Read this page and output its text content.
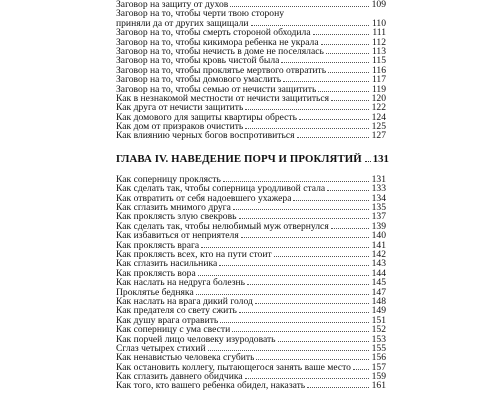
Заговор на защиту от духов	109
Заговор на то, чтобы черти твою сторону
приняли да от других защищали	110
Заговор на то, чтобы смерть стороной обходила	111
Заговор на то, чтобы кикимора ребенка не украла	112
Заговор на то, чтобы нечисть в доме не поселялась	113
Заговор на то, чтобы кровь чистой была	115
Заговор на то, чтобы проклятье мертвого отвратить	116
Заговор на то, чтобы домового умаслить	117
Заговор на то, чтобы семью от нечисти защитить	119
Как в незнакомой местности от нечисти защититься	120
Как друга от нечисти защитить	122
Как домового для защиты квартиры обресть	124
Как дом от призраков очистить	125
Как влиянию черных богов воспротивиться	127
ГЛАВА IV. НАВЕДЕНИЕ ПОРЧ И ПРОКЛЯТИЙ 131
Как соперницу проклясть	131
Как сделать так, чтобы соперница уродливой стала	133
Как отвратить от себя надоевшего ухажера	134
Как сглазить мнимого друга	135
Как проклясть злую свекровь	137
Как сделать так, чтобы нелюбимый муж отвернулся	139
Как избавиться от неприятеля	140
Как проклясть врага	141
Как проклясть всех, кто на пути стоит	142
Как сглазить насильника	143
Как проклясть вора	144
Как наслать на недруга болезнь	145
Проклятье бедняка	147
Как наслать на врага дикий голод	148
Как предателя со свету сжить	149
Как душу врага отравить	151
Как соперницу с ума свести	152
Как порчей лицо человеку изуродовать	153
Сглаз четырех стихий	155
Как ненавистью человека сгубить	156
Как остановить коллегу, пытающегося занять ваше место 157
Как сглазить давнего обидчика	159
Как того, кто вашего ребенка обидел, наказать	161
